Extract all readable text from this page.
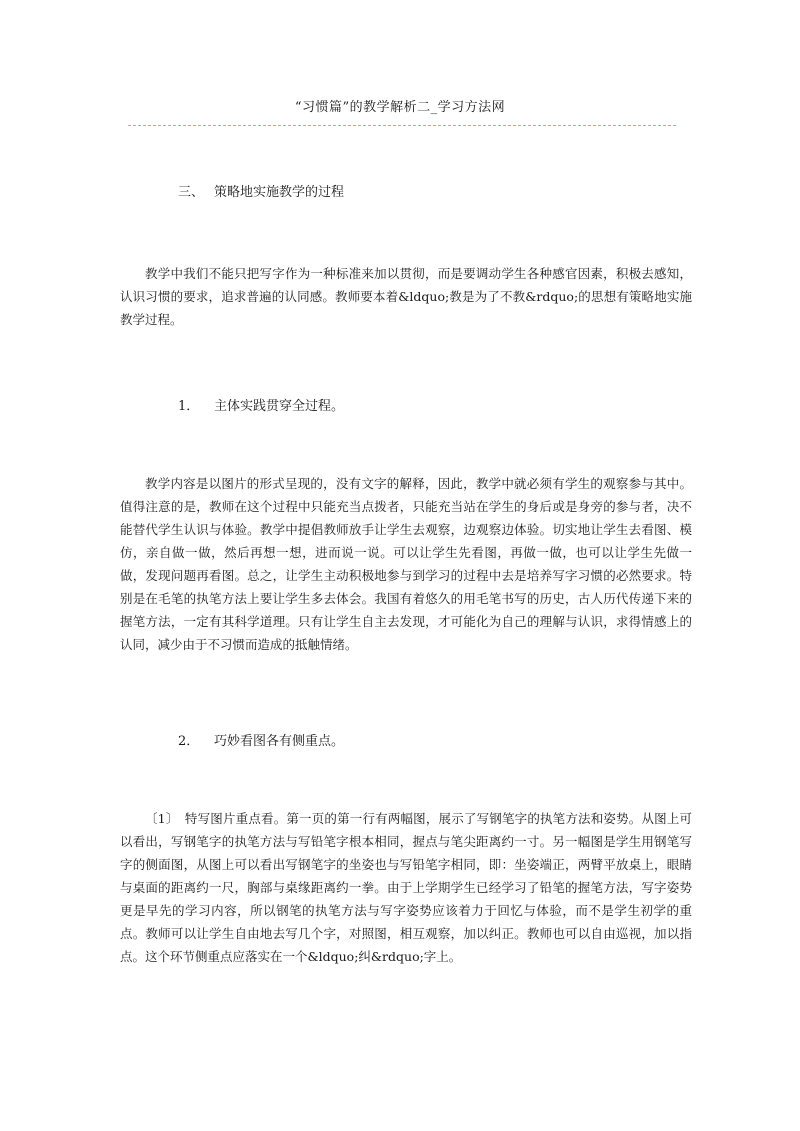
“习惯篇”的教学解析二_学习方法网
三、 策略地实施教学的过程

教学中我们不能只把写字作为一种标准来加以贯彻，而是要调动学生各种感官因素，积极去感知，认识习惯的要求，追求普遍的认同感。教师要本着&ldquo;教是为了不教&rdquo;的思想有策略地实施教学过程。

1． 主体实践贯穿全过程。

教学内容是以图片的形式呈现的，没有文字的解释，因此，教学中就必须有学生的观察参与其中。值得注意的是，教师在这个过程中只能充当点拨者，只能充当站在学生的身后或是身旁的参与者，决不能替代学生认识与体验。教学中提倡教师放手让学生去观察，边观察边体验。切实地让学生去看图、模仿，亲自做一做，然后再想一想，进而说一说。可以让学生先看图，再做一做，也可以让学生先做一做，发现问题再看图。总之，让学生主动积极地参与到学习的过程中去是培养写字习惯的必然要求。特别是在毛笔的执笔方法上要让学生多去体会。我国有着悠久的用毛笔书写的历史，古人历代传递下来的握笔方法，一定有其科学道理。只有让学生自主去发现，才可能化为自己的理解与认识，求得情感上的认同，减少由于不习惯而造成的抵触情绪。

2． 巧妙看图各有侧重点。

〔1〕　特写图片重点看。第一页的第一行有两幅图，展示了写钢笔字的执笔方法和姿势。从图上可以看出，写钢笔字的执笔方法与写铅笔字根本相同，握点与笔尖距离约一寸。另一幅图是学生用钢笔写字的侧面图，从图上可以看出写钢笔字的坐姿也与写铅笔字相同，即：坐姿端正，两臂平放桌上，眼睛与桌面的距离约一尺，胸部与桌缘距离约一拳。由于上学期学生已经学习了铅笔的握笔方法，写字姿势更是早先的学习内容，所以钢笔的执笔方法与写字姿势应该着力于回忆与体验，而不是学生初学的重点。教师可以让学生自由地去写几个字，对照图，相互观察，加以纠正。教师也可以自由巡视，加以指点。这个环节侧重点应落实在一个&ldquo;纠&rdquo;字上。
